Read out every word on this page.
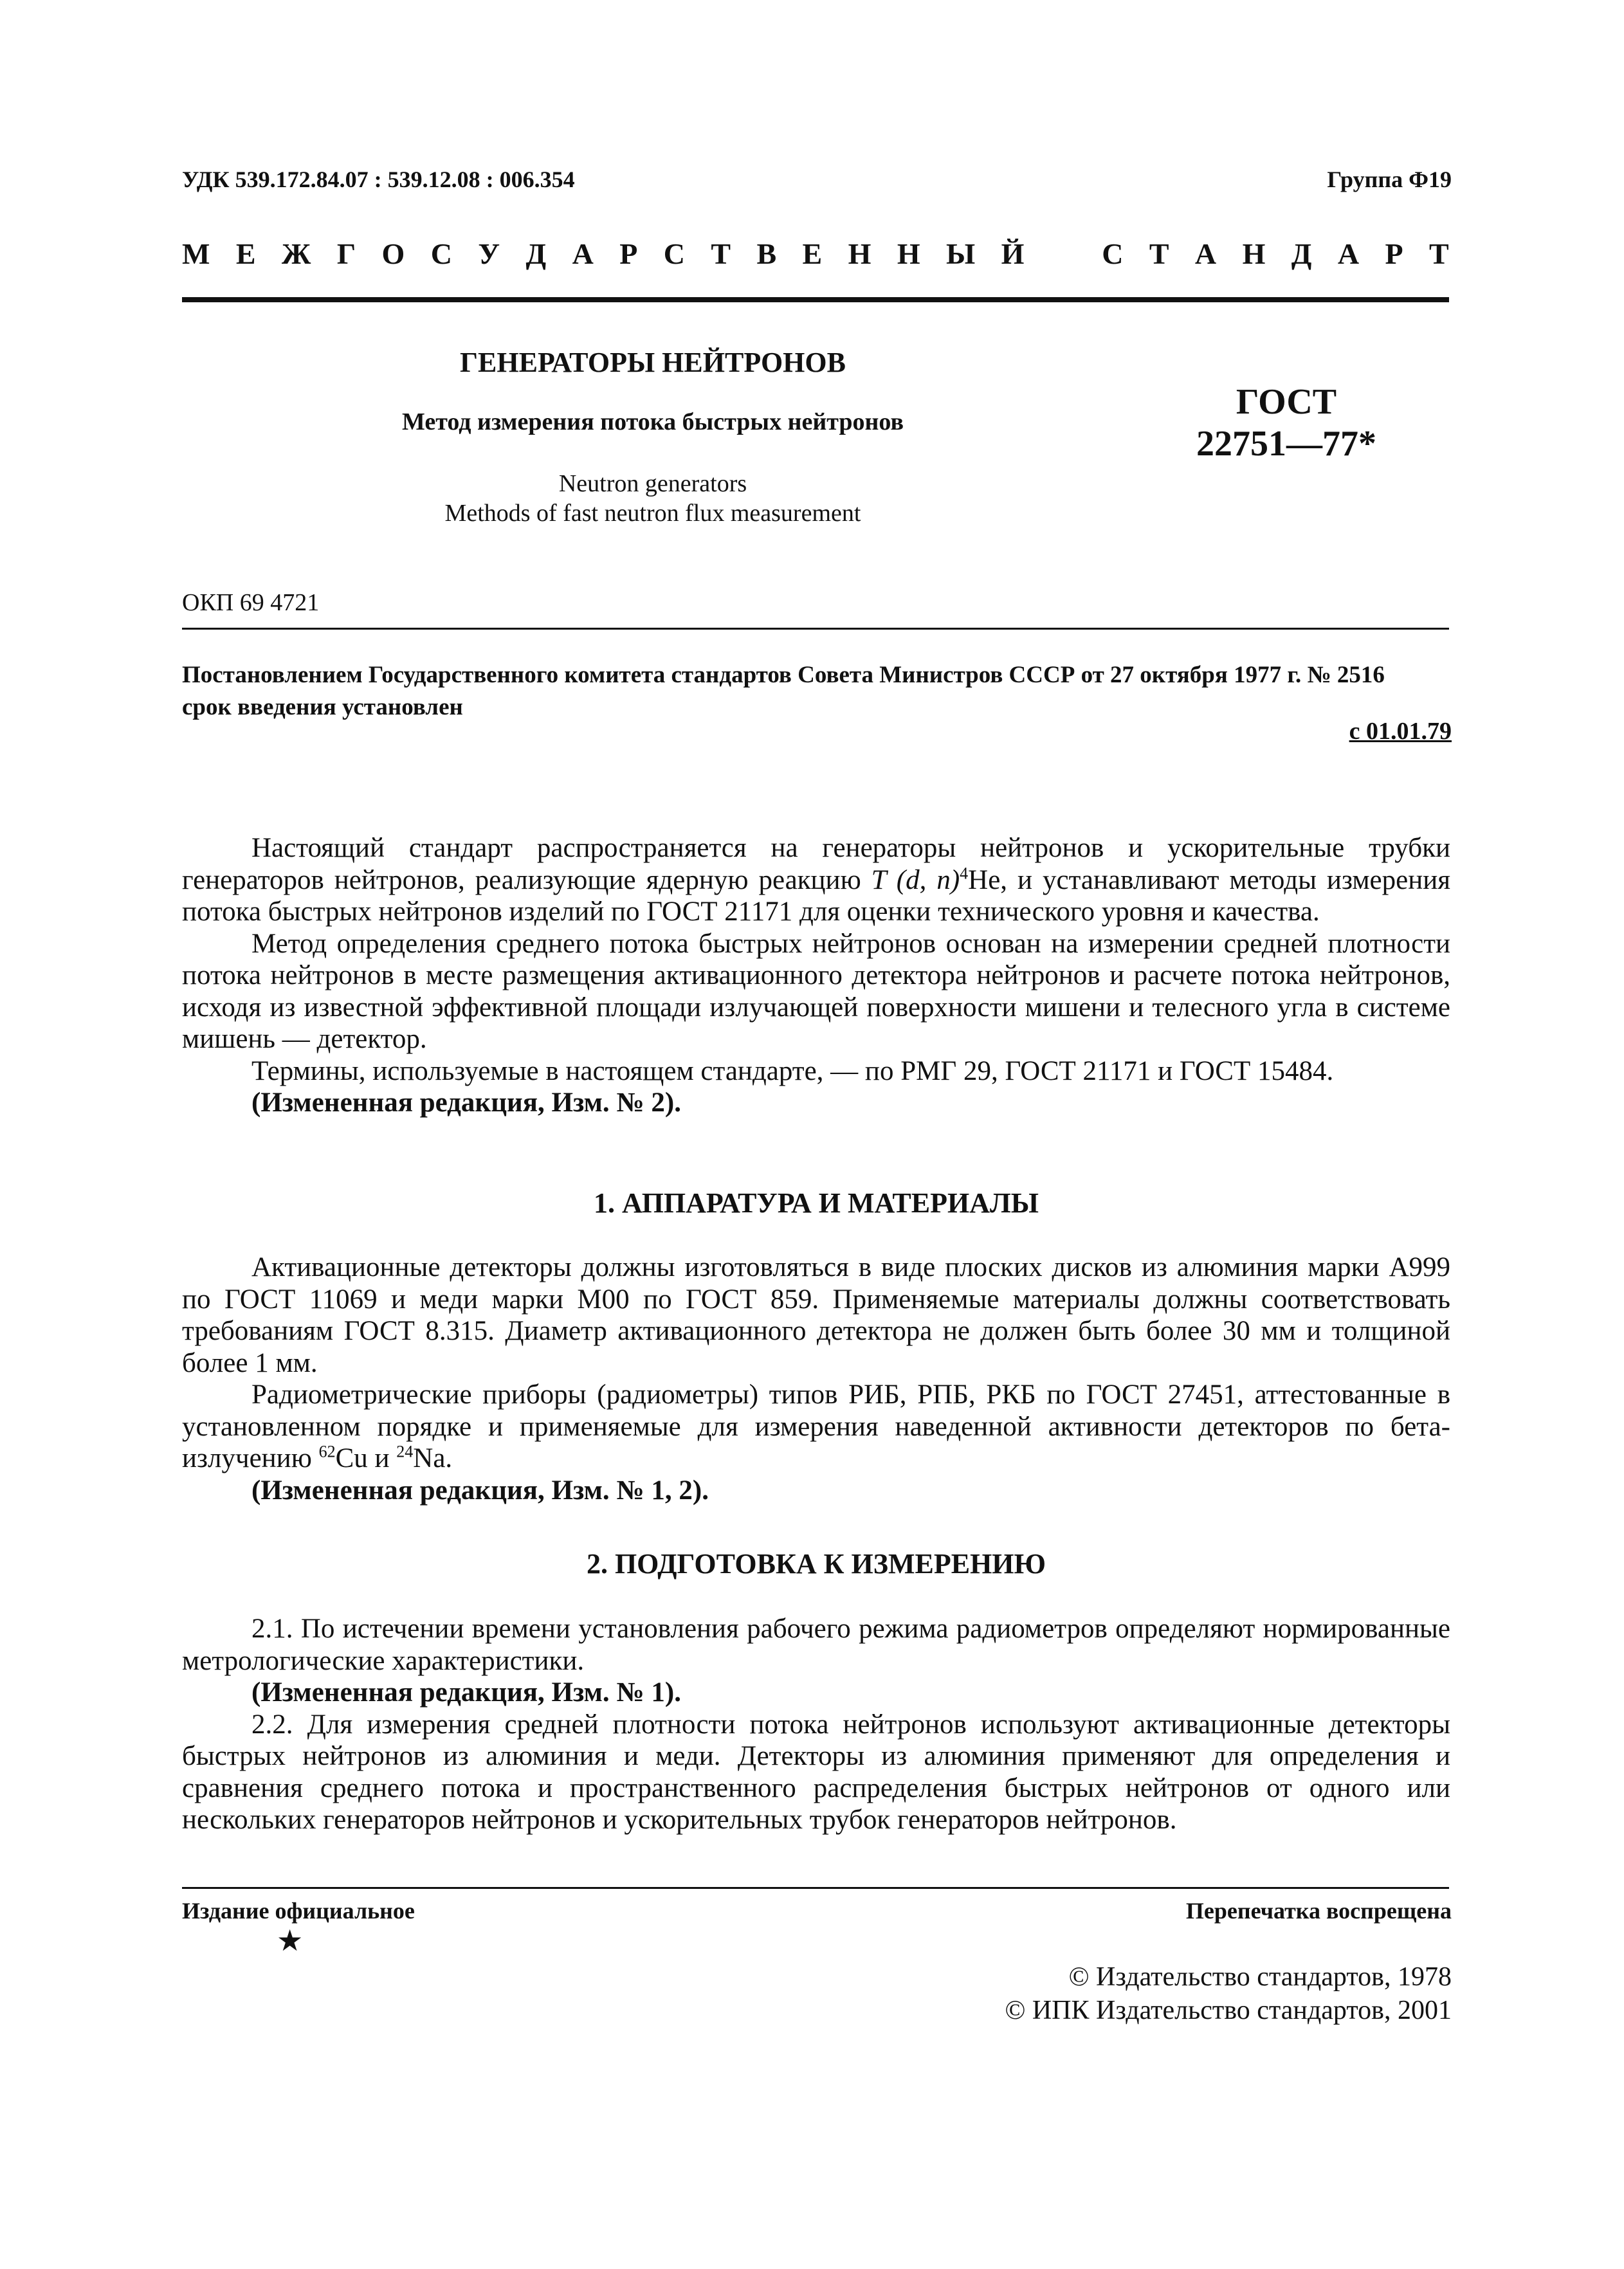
УДК 539.172.84.07 : 539.12.08 : 006.354	Группа Ф19
М Е Ж Г О С У Д А Р С Т В Е Н Н Ы Й	С Т А Н Д А Р Т
ГЕНЕРАТОРЫ НЕЙТРОНОВ
Метод измерения потока быстрых нейтронов
Neutron generators
Methods of fast neutron flux measurement
ГОСТ
22751—77*
ОКП 69 4721
Постановлением Государственного комитета стандартов Совета Министров СССР от 27 октября 1977 г. № 2516
срок введения установлен
с 01.01.79

Настоящий стандарт распространяется на генераторы нейтронов и ускорительные трубки генераторов нейтронов, реализующие ядерную реакцию T (d, n)$^4$He, и устанавливают методы измерения потока быстрых нейтронов изделий по ГОСТ 21171 для оценки технического уровня и качества.

Метод определения среднего потока быстрых нейтронов основан на измерении средней плотности потока нейтронов в месте размещения активационного детектора нейтронов и расчете потока нейтронов, исходя из известной эффективной площади излучающей поверхности мишени и телесного угла в системе мишень — детектор.

Термины, используемые в настоящем стандарте, — по РМГ 29, ГОСТ 21171 и ГОСТ 15484.

(Измененная редакция, Изм. № 2).

1. АППАРАТУРА И МАТЕРИАЛЫ

Активационные детекторы должны изготовляться в виде плоских дисков из алюминия марки А999 по ГОСТ 11069 и меди марки М00 по ГОСТ 859. Применяемые материалы должны соответствовать требованиям ГОСТ 8.315. Диаметр активационного детектора не должен быть более 30 мм и толщиной более 1 мм.

Радиометрические приборы (радиометры) типов РИБ, РПБ, РКБ по ГОСТ 27451, аттестованные в установленном порядке и применяемые для измерения наведенной активности детекторов по бета-излучению $^{62}$Cu и $^{24}$Na.

(Измененная редакция, Изм. № 1, 2).

2. ПОДГОТОВКА К ИЗМЕРЕНИЮ

2.1. По истечении времени установления рабочего режима радиометров определяют нормированные метрологические характеристики.

(Измененная редакция, Изм. № 1).

2.2. Для измерения средней плотности потока нейтронов используют активационные детекторы быстрых нейтронов из алюминия и меди. Детекторы из алюминия применяют для определения и сравнения среднего потока и пространственного распределения быстрых нейтронов от одного или нескольких генераторов нейтронов и ускорительных трубок генераторов нейтронов.

Издание официальное
★
Перепечатка воспрещена
© Издательство стандартов, 1978
© ИПК Издательство стандартов, 2001
